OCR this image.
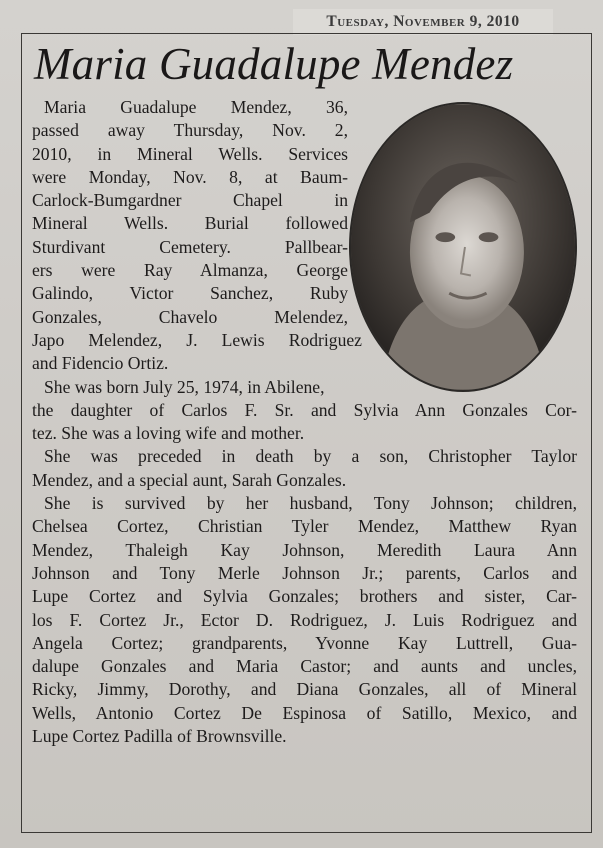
Tuesday, November 9, 2010
Maria Guadalupe Mendez
Maria Guadalupe Mendez, 36,
passed away Thursday, Nov. 2,
2010, in Mineral Wells. Services
were Monday, Nov. 8, at Baum-
Carlock-Bumgardner Chapel in
Mineral Wells. Burial followed
Sturdivant Cemetery. Pallbear-
ers were Ray Almanza, George
Galindo, Victor Sanchez, Ruby
Gonzales, Chavelo Melendez,
Japo Melendez, J. Lewis Rodriguez
and Fidencio Ortiz.
She was born July 25, 1974, in Abilene,
the daughter of Carlos F. Sr. and Sylvia Ann Gonzales Cor-
tez. She was a loving wife and mother.
She was preceded in death by a son, Christopher Taylor
Mendez, and a special aunt, Sarah Gonzales.
She is survived by her husband, Tony Johnson; children,
Chelsea Cortez, Christian Tyler Mendez, Matthew Ryan
Mendez, Thaleigh Kay Johnson, Meredith Laura Ann
Johnson and Tony Merle Johnson Jr.; parents, Carlos and
Lupe Cortez and Sylvia Gonzales; brothers and sister, Car-
los F. Cortez Jr., Ector D. Rodriguez, J. Luis Rodriguez and
Angela Cortez; grandparents, Yvonne Kay Luttrell, Gua-
dalupe Gonzales and Maria Castor; and aunts and uncles,
Ricky, Jimmy, Dorothy, and Diana Gonzales, all of Mineral
Wells, Antonio Cortez De Espinosa of Satillo, Mexico, and
Lupe Cortez Padilla of Brownsville.
